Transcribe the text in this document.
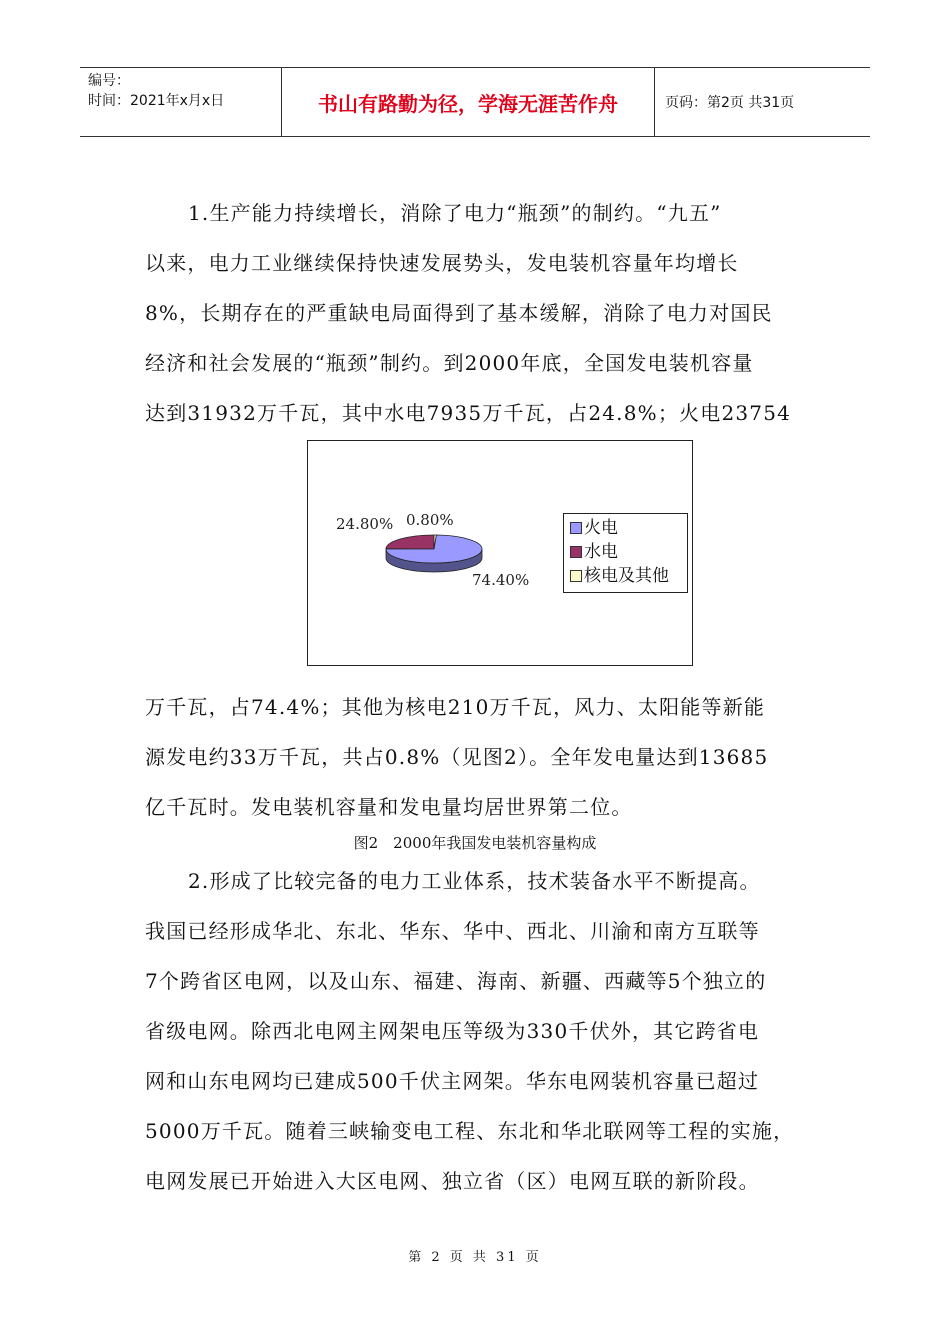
编号：
时间：2021年x月x日	书山有路勤为径，学海无涯苦作舟	页码：第2页 共31页
1.生产能力持续增长，消除了电力“瓶颈”的制约。“九五”
以来，电力工业继续保持快速发展势头，发电装机容量年均增长
8%，长期存在的严重缺电局面得到了基本缓解，消除了电力对国民
经济和社会发展的“瓶颈”制约。到2000年底，全国发电装机容量
达到31932万千瓦，其中水电7935万千瓦，占24.8%；火电23754
24.80% 0.80%
74.40%
火电
水电
核电及其他
万千瓦，占74.4%；其他为核电210万千瓦，风力、太阳能等新能
源发电约33万千瓦，共占0.8%（见图2）。全年发电量达到13685
亿千瓦时。发电装机容量和发电量均居世界第二位。
图2　2000年我国发电装机容量构成
2.形成了比较完备的电力工业体系，技术装备水平不断提高。
我国已经形成华北、东北、华东、华中、西北、川渝和南方互联等
7个跨省区电网，以及山东、福建、海南、新疆、西藏等5个独立的
省级电网。除西北电网主网架电压等级为330千伏外，其它跨省电
网和山东电网均已建成500千伏主网架。华东电网装机容量已超过
5000万千瓦。随着三峡输变电工程、东北和华北联网等工程的实施，
电网发展已开始进入大区电网、独立省（区）电网互联的新阶段。
第 2 页 共 31 页
